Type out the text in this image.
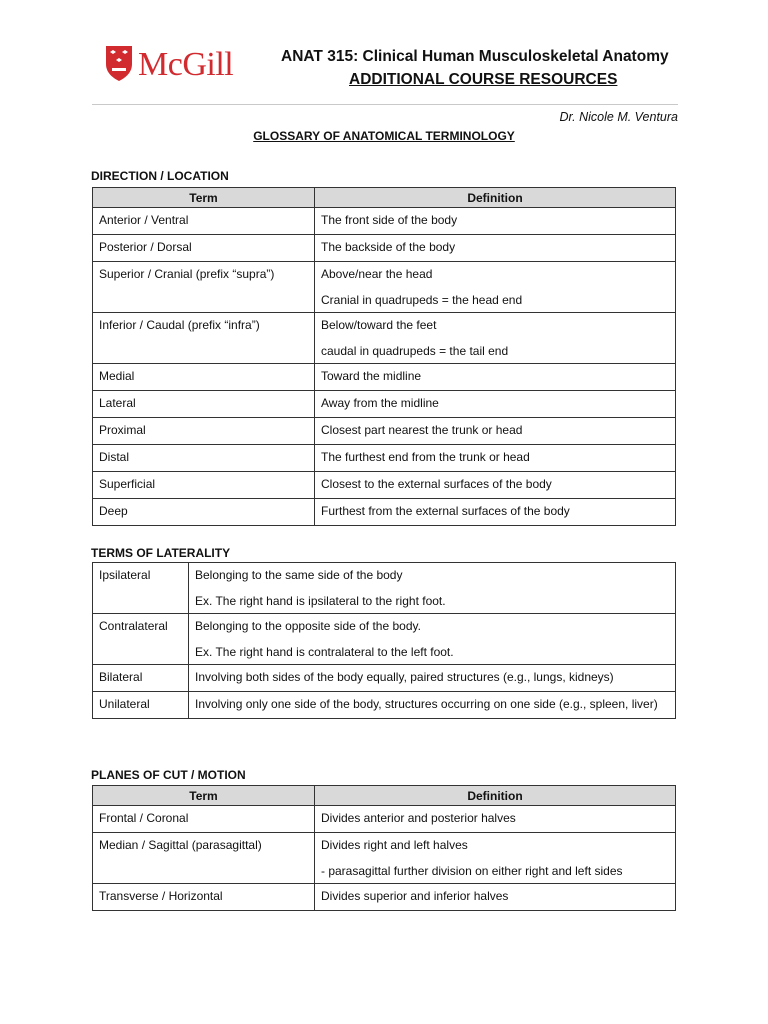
McGill	ANAT 315: Clinical Human Musculoskeletal Anatomy
ADDITIONAL COURSE RESOURCES
Dr. Nicole M. Ventura
GLOSSARY OF ANATOMICAL TERMINOLOGY
DIRECTION / LOCATION
Term	Definition
Anterior / Ventral	The front side of the body

Posterior / Dorsal	The backside of the body

Superior / Cranial (prefix “supra”)	Above/near the head
Cranial in quadrupeds = the head end

Inferior / Caudal (prefix “infra”)	Below/toward the feet
caudal in quadrupeds = the tail end

Medial	Toward the midline

Lateral	Away from the midline

Proximal	Closest part nearest the trunk or head

Distal	The furthest end from the trunk or head

Superficial	Closest to the external surfaces of the body

Deep	Furthest from the external surfaces of the body
TERMS OF LATERALITY
Ipsilateral	Belonging to the same side of the body
Ex. The right hand is ipsilateral to the right foot.

Contralateral	Belonging to the opposite side of the body.
Ex. The right hand is contralateral to the left foot.

Bilateral	Involving both sides of the body equally, paired structures (e.g., lungs, kidneys)

Unilateral	Involving only one side of the body, structures occurring on one side (e.g., spleen, liver)
PLANES OF CUT / MOTION
Term	Definition
Frontal / Coronal	Divides anterior and posterior halves

Median / Sagittal (parasagittal)	Divides right and left halves
- parasagittal further division on either right and left sides

Transverse / Horizontal	Divides superior and inferior halves
